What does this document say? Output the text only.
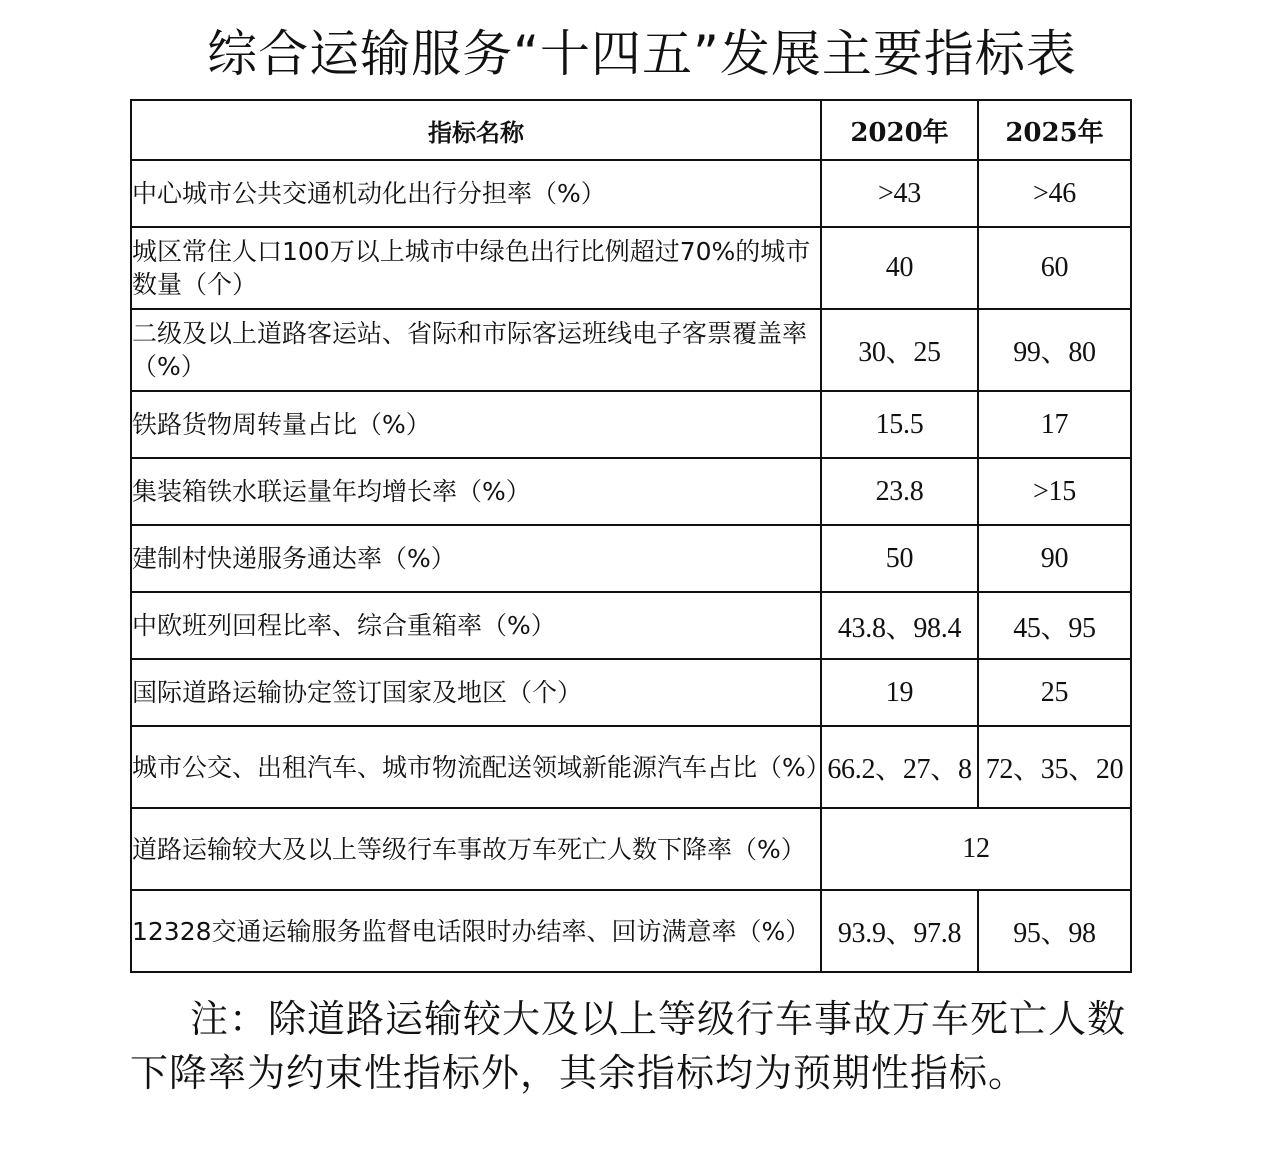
综合运输服务“十四五”发展主要指标表
指标名称	2020年	2025年
中心城市公共交通机动化出行分担率（%）	>43	>46
城区常住人口100万以上城市中绿色出行比例超过70%的城市数量（个）	40	60
二级及以上道路客运站、省际和市际客运班线电子客票覆盖率（%）	30、25	99、80
铁路货物周转量占比（%）	15.5	17
集装箱铁水联运量年均增长率（%）	23.8	>15
建制村快递服务通达率（%）	50	90
中欧班列回程比率、综合重箱率（%）	43.8、98.4	45、95
国际道路运输协定签订国家及地区（个）	19	25
城市公交、出租汽车、城市物流配送领域新能源汽车占比（%）	66.2、27、8	72、35、20
道路运输较大及以上等级行车事故万车死亡人数下降率（%）	12	
12328交通运输服务监督电话限时办结率、回访满意率（%）	93.9、97.8	95、98
注：除道路运输较大及以上等级行车事故万车死亡人数下降率为约束性指标外，其余指标均为预期性指标。
